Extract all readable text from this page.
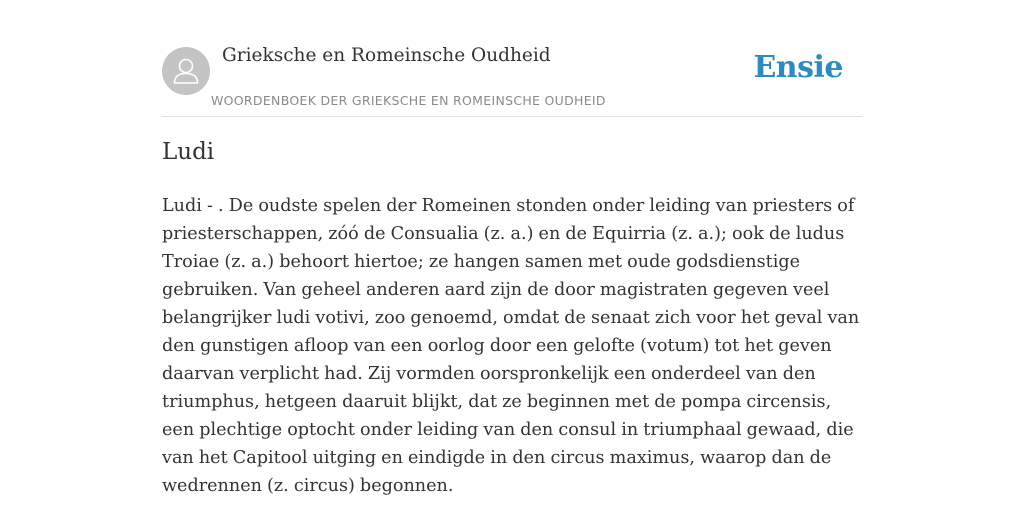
Grieksche en Romeinsche Oudheid
WOORDENBOEK DER GRIEKSCHE EN ROMEINSCHE OUDHEID
Ensie
Ludi

Ludi - . De oudste spelen der Romeinen stonden onder leiding van priesters of priesterschappen, zóó de Consualia (z. a.) en de Equirria (z. a.); ook de ludus Troiae (z. a.) behoort hiertoe; ze hangen samen met oude godsdienstige gebruiken. Van geheel anderen aard zijn de door magistraten gegeven veel belangrijker ludi votivi, zoo genoemd, omdat de senaat zich voor het geval van den gunstigen afloop van een oorlog door een gelofte (votum) tot het geven daarvan verplicht had. Zij vormden oorspronkelijk een onderdeel van den triumphus, hetgeen daaruit blijkt, dat ze beginnen met de pompa circensis, een plechtige optocht onder leiding van den consul in triumphaal gewaad, die van het Capitool uitging en eindigde in den circus maximus, waarop dan de wedrennen (z. circus) begonnen.
